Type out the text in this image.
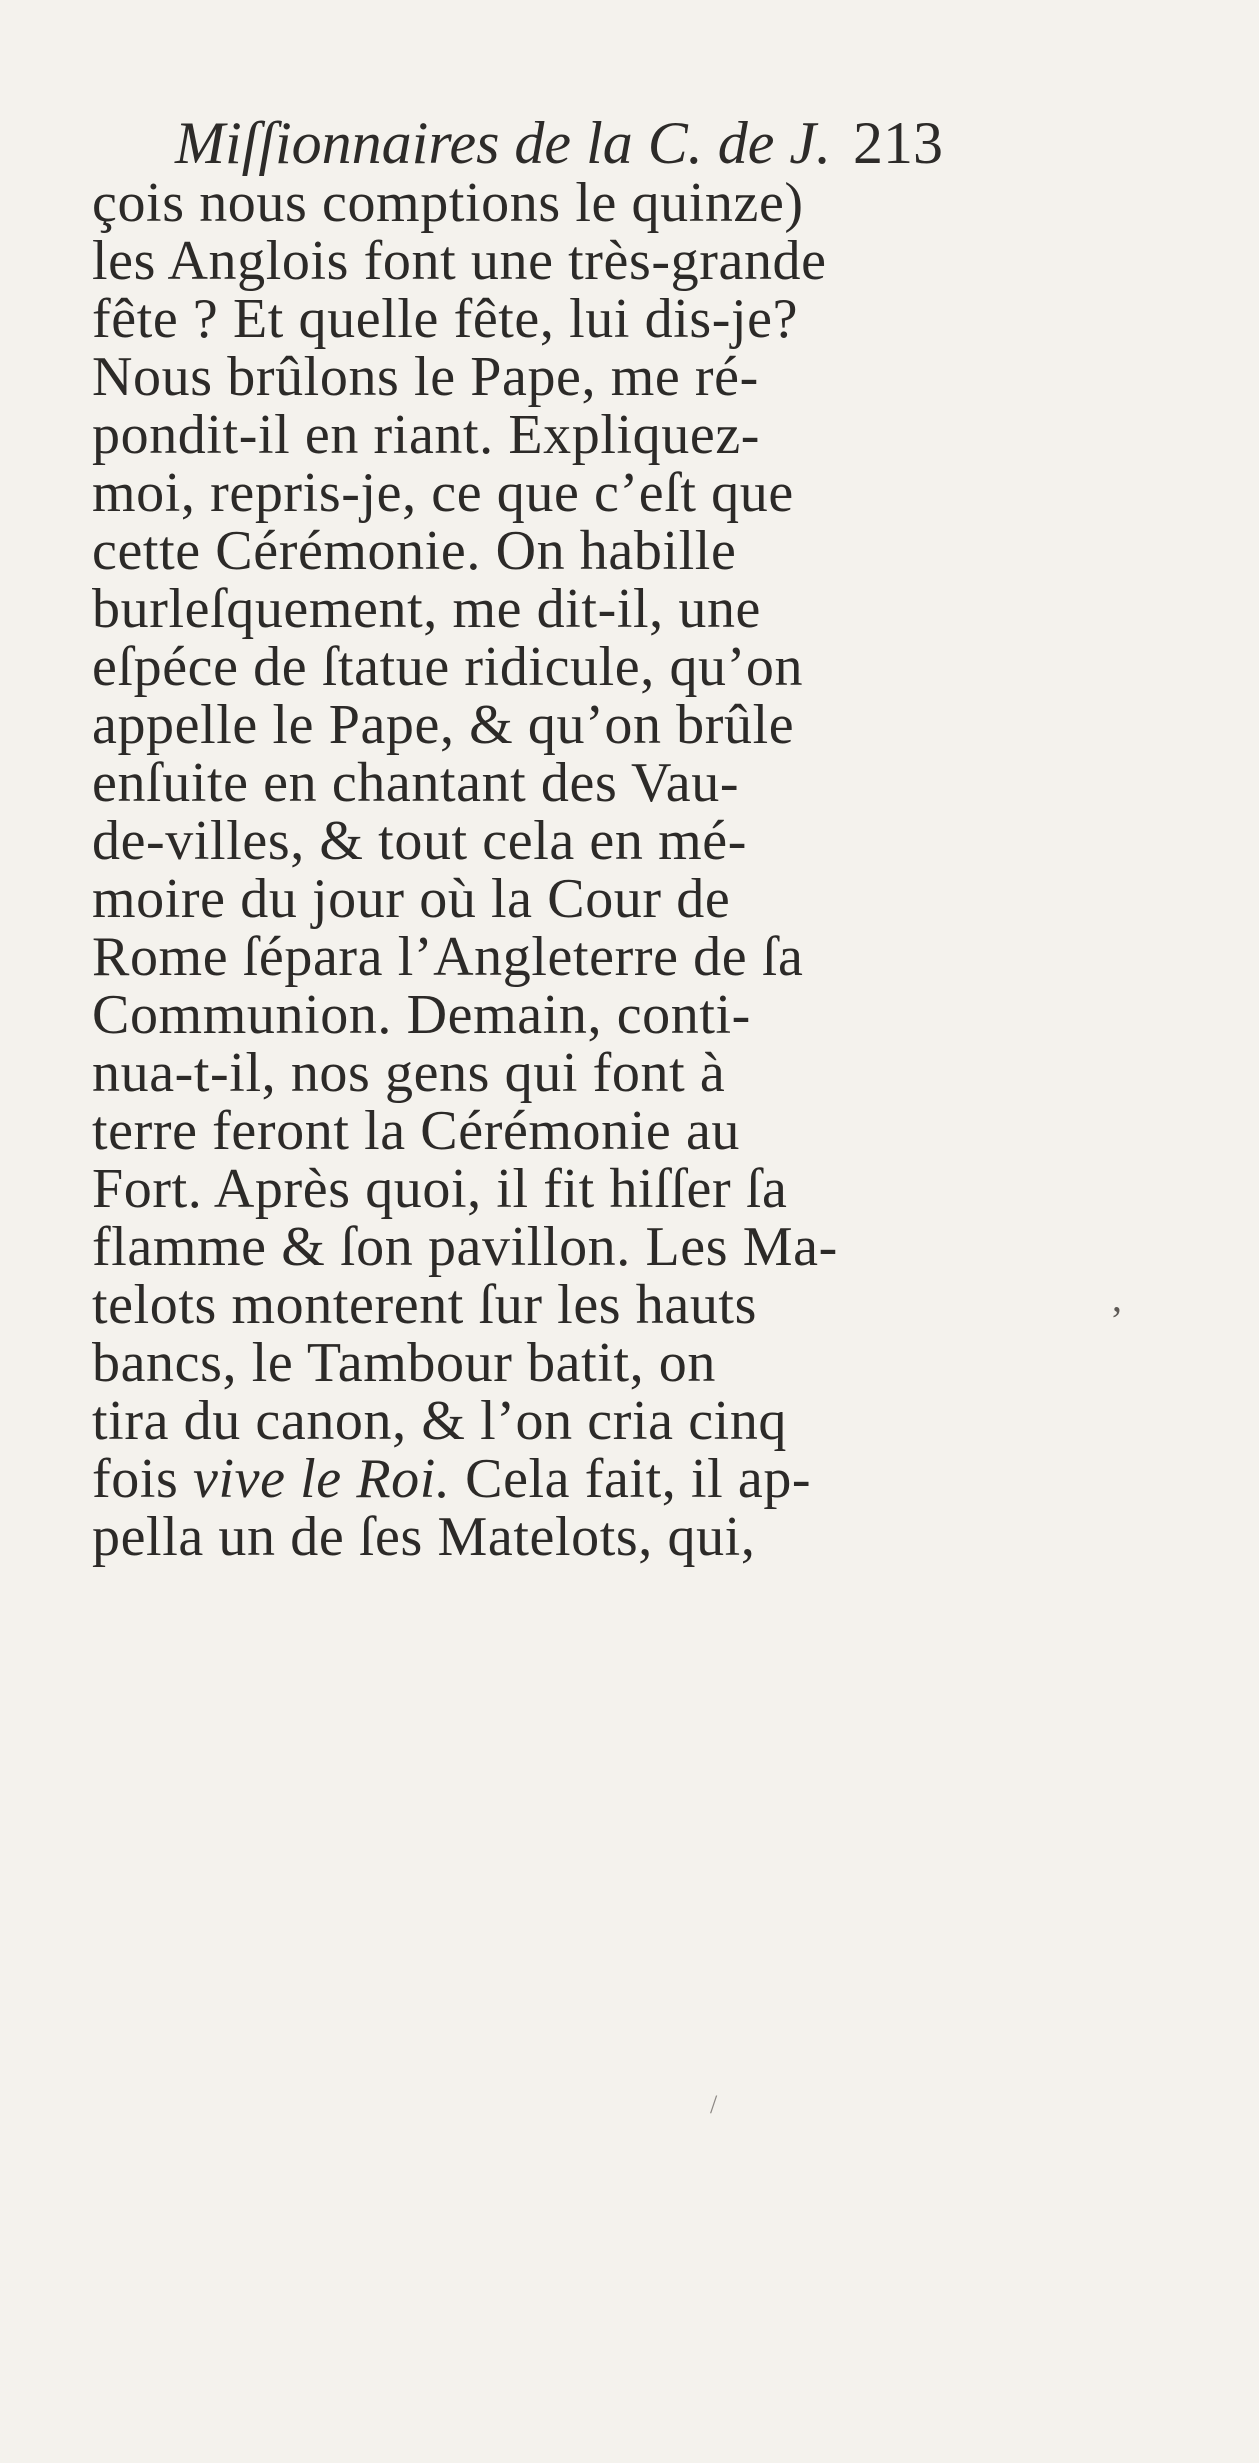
Miſſionnaires de la C. de J. 213
çois nous comptions le quinze)
les Anglois font une très-grande
fête ? Et quelle fête, lui dis-je?
Nous brûlons le Pape, me ré-
pondit-il en riant. Expliquez-
moi, repris-je, ce que c’eſt que
cette Cérémonie. On habille
burleſquement, me dit-il, une
eſpéce de ſtatue ridicule, qu’on
appelle le Pape, & qu’on brûle
enſuite en chantant des Vau-
de-villes, & tout cela en mé-
moire du jour où la Cour de
Rome ſépara l’Angleterre de ſa
Communion. Demain, conti-
nua-t-il, nos gens qui font à
terre feront la Cérémonie au
Fort. Après quoi, il fit hiſſer ſa
flamme & ſon pavillon. Les Ma-
telots monterent ſur les hauts
bancs, le Tambour batit, on
tira du canon, & l’on cria cinq
fois vive le Roi. Cela fait, il ap-
pella un de ſes Matelots, qui,
‚
/
